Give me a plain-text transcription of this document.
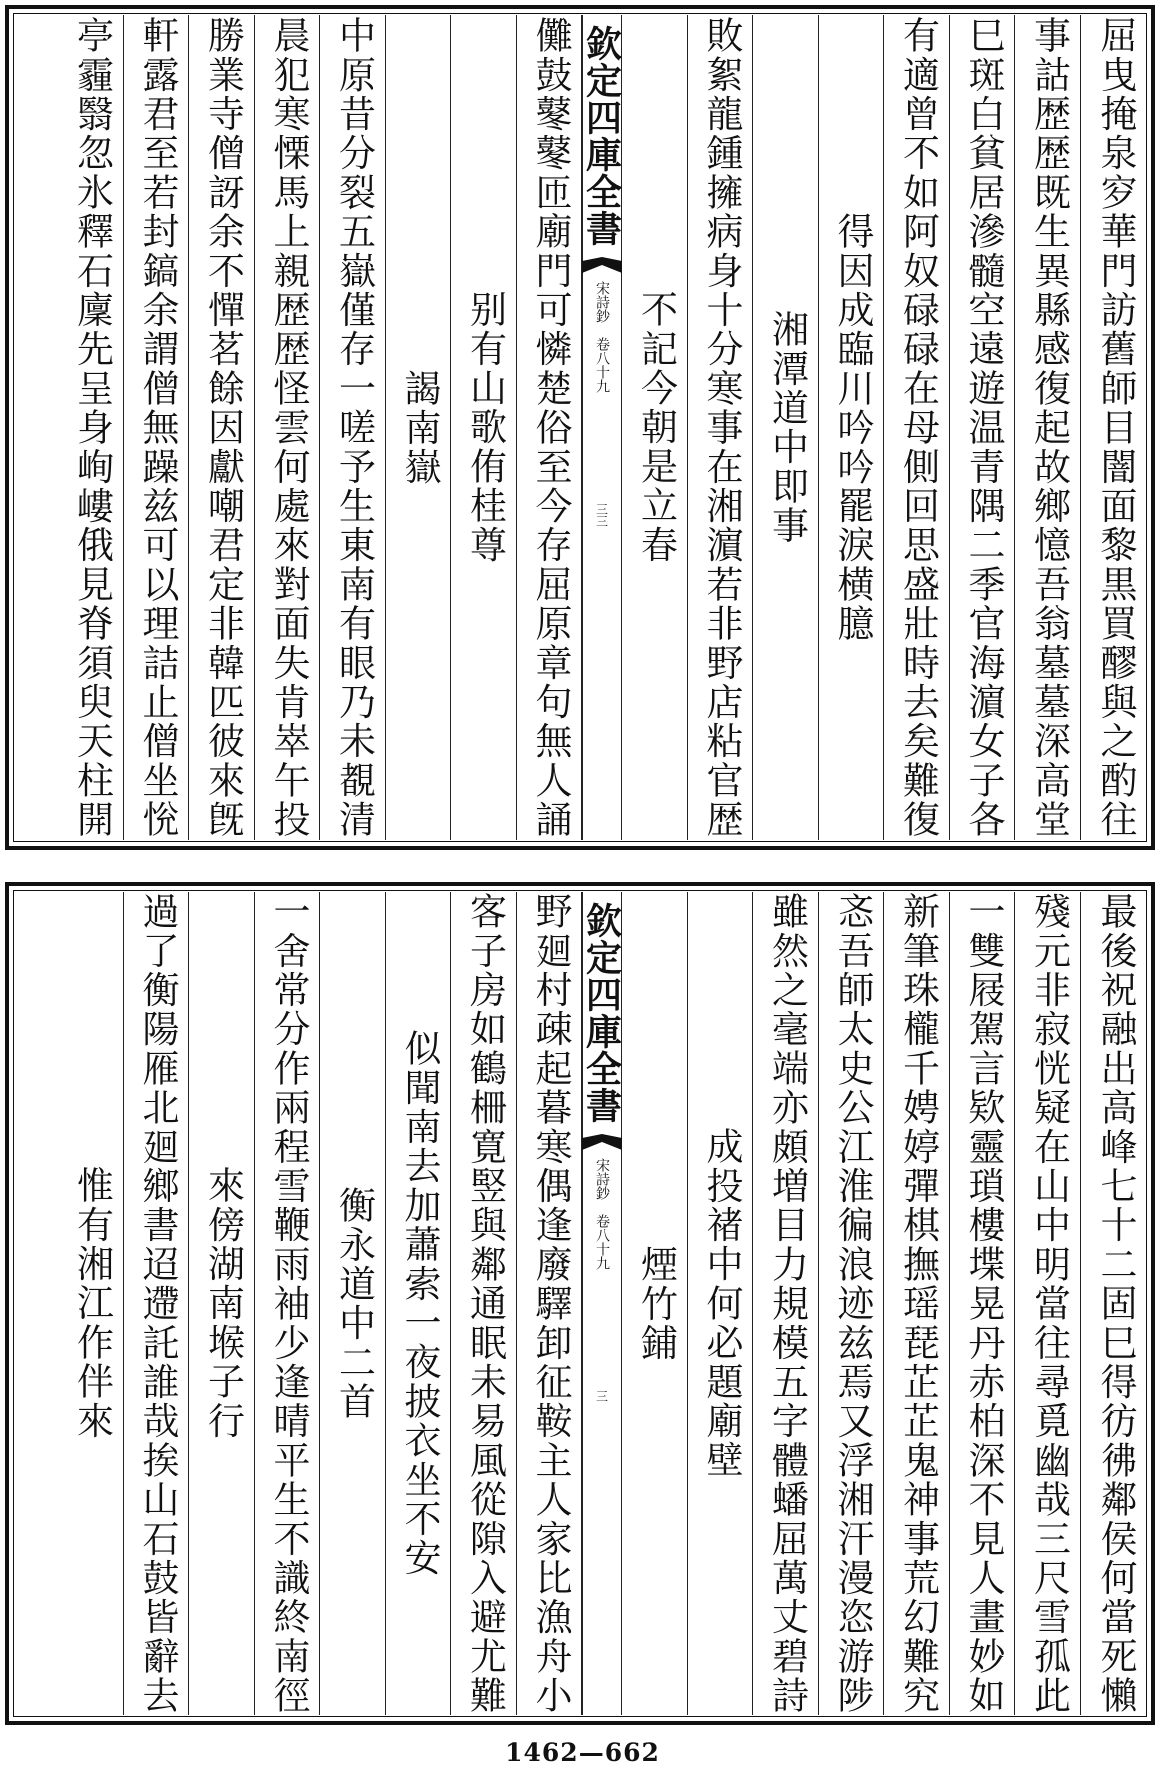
屈曳掩泉穸華門訪舊師目闇面黎黒買醪與之酌往
事詁歴歴既生異縣感復起故鄉憶吾翁墓墓深高堂
巳斑白貧居滲髓空遠遊温青隅二季官海濵女子各
有適曾不如阿奴碌碌在母側回思盛壯時去矣難復
得因成臨川吟吟罷淚横臆
湘潭道中即事
敗絮龍鍾擁病身十分寒事在湘濵若非野店粘官歴
不記今朝是立春
欽定四庫全書
宋詩鈔　卷八十九
三三
儺鼓鼕鼕匝廟門可憐楚俗至今存屈原章句無人誦
别有山歌侑桂尊
謁南嶽
中原昔分裂五嶽僅存一嗟予生東南有眼乃未覩清
晨犯寒慄馬上親歴歴怪雲何處來對面失肯崒午投
勝業寺僧訝余不憚茗餘因獻嘲君定非韓匹彼來旣
軒露君至若封鎬余謂僧無躁兹可以理詰止僧坐恱
亭霾翳忽氷釋石廩先呈身峋嶁俄見脊須臾天柱開
最後祝融出高峰七十二固巳得彷彿鄰侯何當死懶
殘元非寂恍疑在山中明當往尋覓幽哉三尺雪孤此
一雙屐駕言欵靈瑣樓堞晃丹赤柏深不見人畫妙如
新筆珠櫳千娉婷彈棋撫瑶琵芷芷鬼神事荒幻難究
忞吾師太史公江淮徧浪迹兹焉又浮湘汗漫恣游陟
雖然之毫端亦頗増目力規模五字體蟠屈萬丈碧詩
成投禇中何必題廟壁
煙竹鋪
欽定四庫全書
宋詩鈔　卷八十九
三
野廻村疎起暮寒偶逢廢驛卸征鞍主人家比漁舟小
客子房如鶴柵寛竪與鄰通眠未易風從隙入避尤難
似聞南去加蕭索一夜披衣坐不安
衡永道中二首
一舍常分作兩程雪鞭雨袖少逢晴平生不識終南徑
來傍湖南堠子行
過了衡陽雁北廻鄉書迢遰託誰哉挨山石鼓皆辭去
惟有湘江作伴來
1462—662
